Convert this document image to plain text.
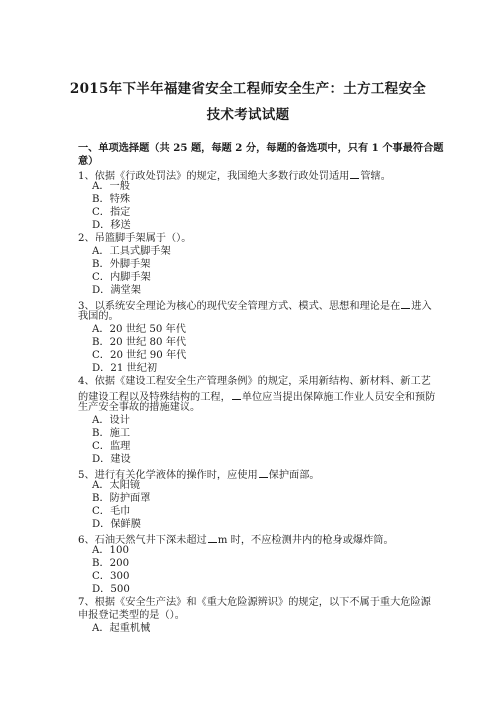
2015年下半年福建省安全工程师安全生产：土方工程安全
技术考试试题
一、单项选择题（共 25 题，每题 2 分，每题的备选项中，只有 1 个事最符合题
意）
1、依据《行政处罚法》的规定，我国绝大多数行政处罚适用 管辖。
A．一般
B．特殊
C．指定
D．移送
2、吊篮脚手架属于（）。
A．工具式脚手架
B．外脚手架
C．内脚手架
D．满堂架
3、以系统安全理论为核心的现代安全管理方式、模式、思想和理论是在 进入
我国的。
A．20 世纪 50 年代
B．20 世纪 80 年代
C．20 世纪 90 年代
D．21 世纪初
4、依据《建设工程安全生产管理条例》的规定，采用新结构、新材料、新工艺
的建设工程以及特殊结构的工程， 单位应当提出保障施工作业人员安全和预防
生产安全事故的措施建议。
A．设计
B．施工
C．监理
D．建设
5、进行有关化学液体的操作时，应使用 保护面部。
A．太阳镜
B．防护面罩
C．毛巾
D．保鲜膜
6、石油天然气井下深未超过 m 时，不应检测井内的枪身或爆炸筒。
A．100
B．200
C．300
D．500
7、根据《安全生产法》和《重大危险源辨识》的规定，以下不属于重大危险源
申报登记类型的是（）。
A．起重机械
